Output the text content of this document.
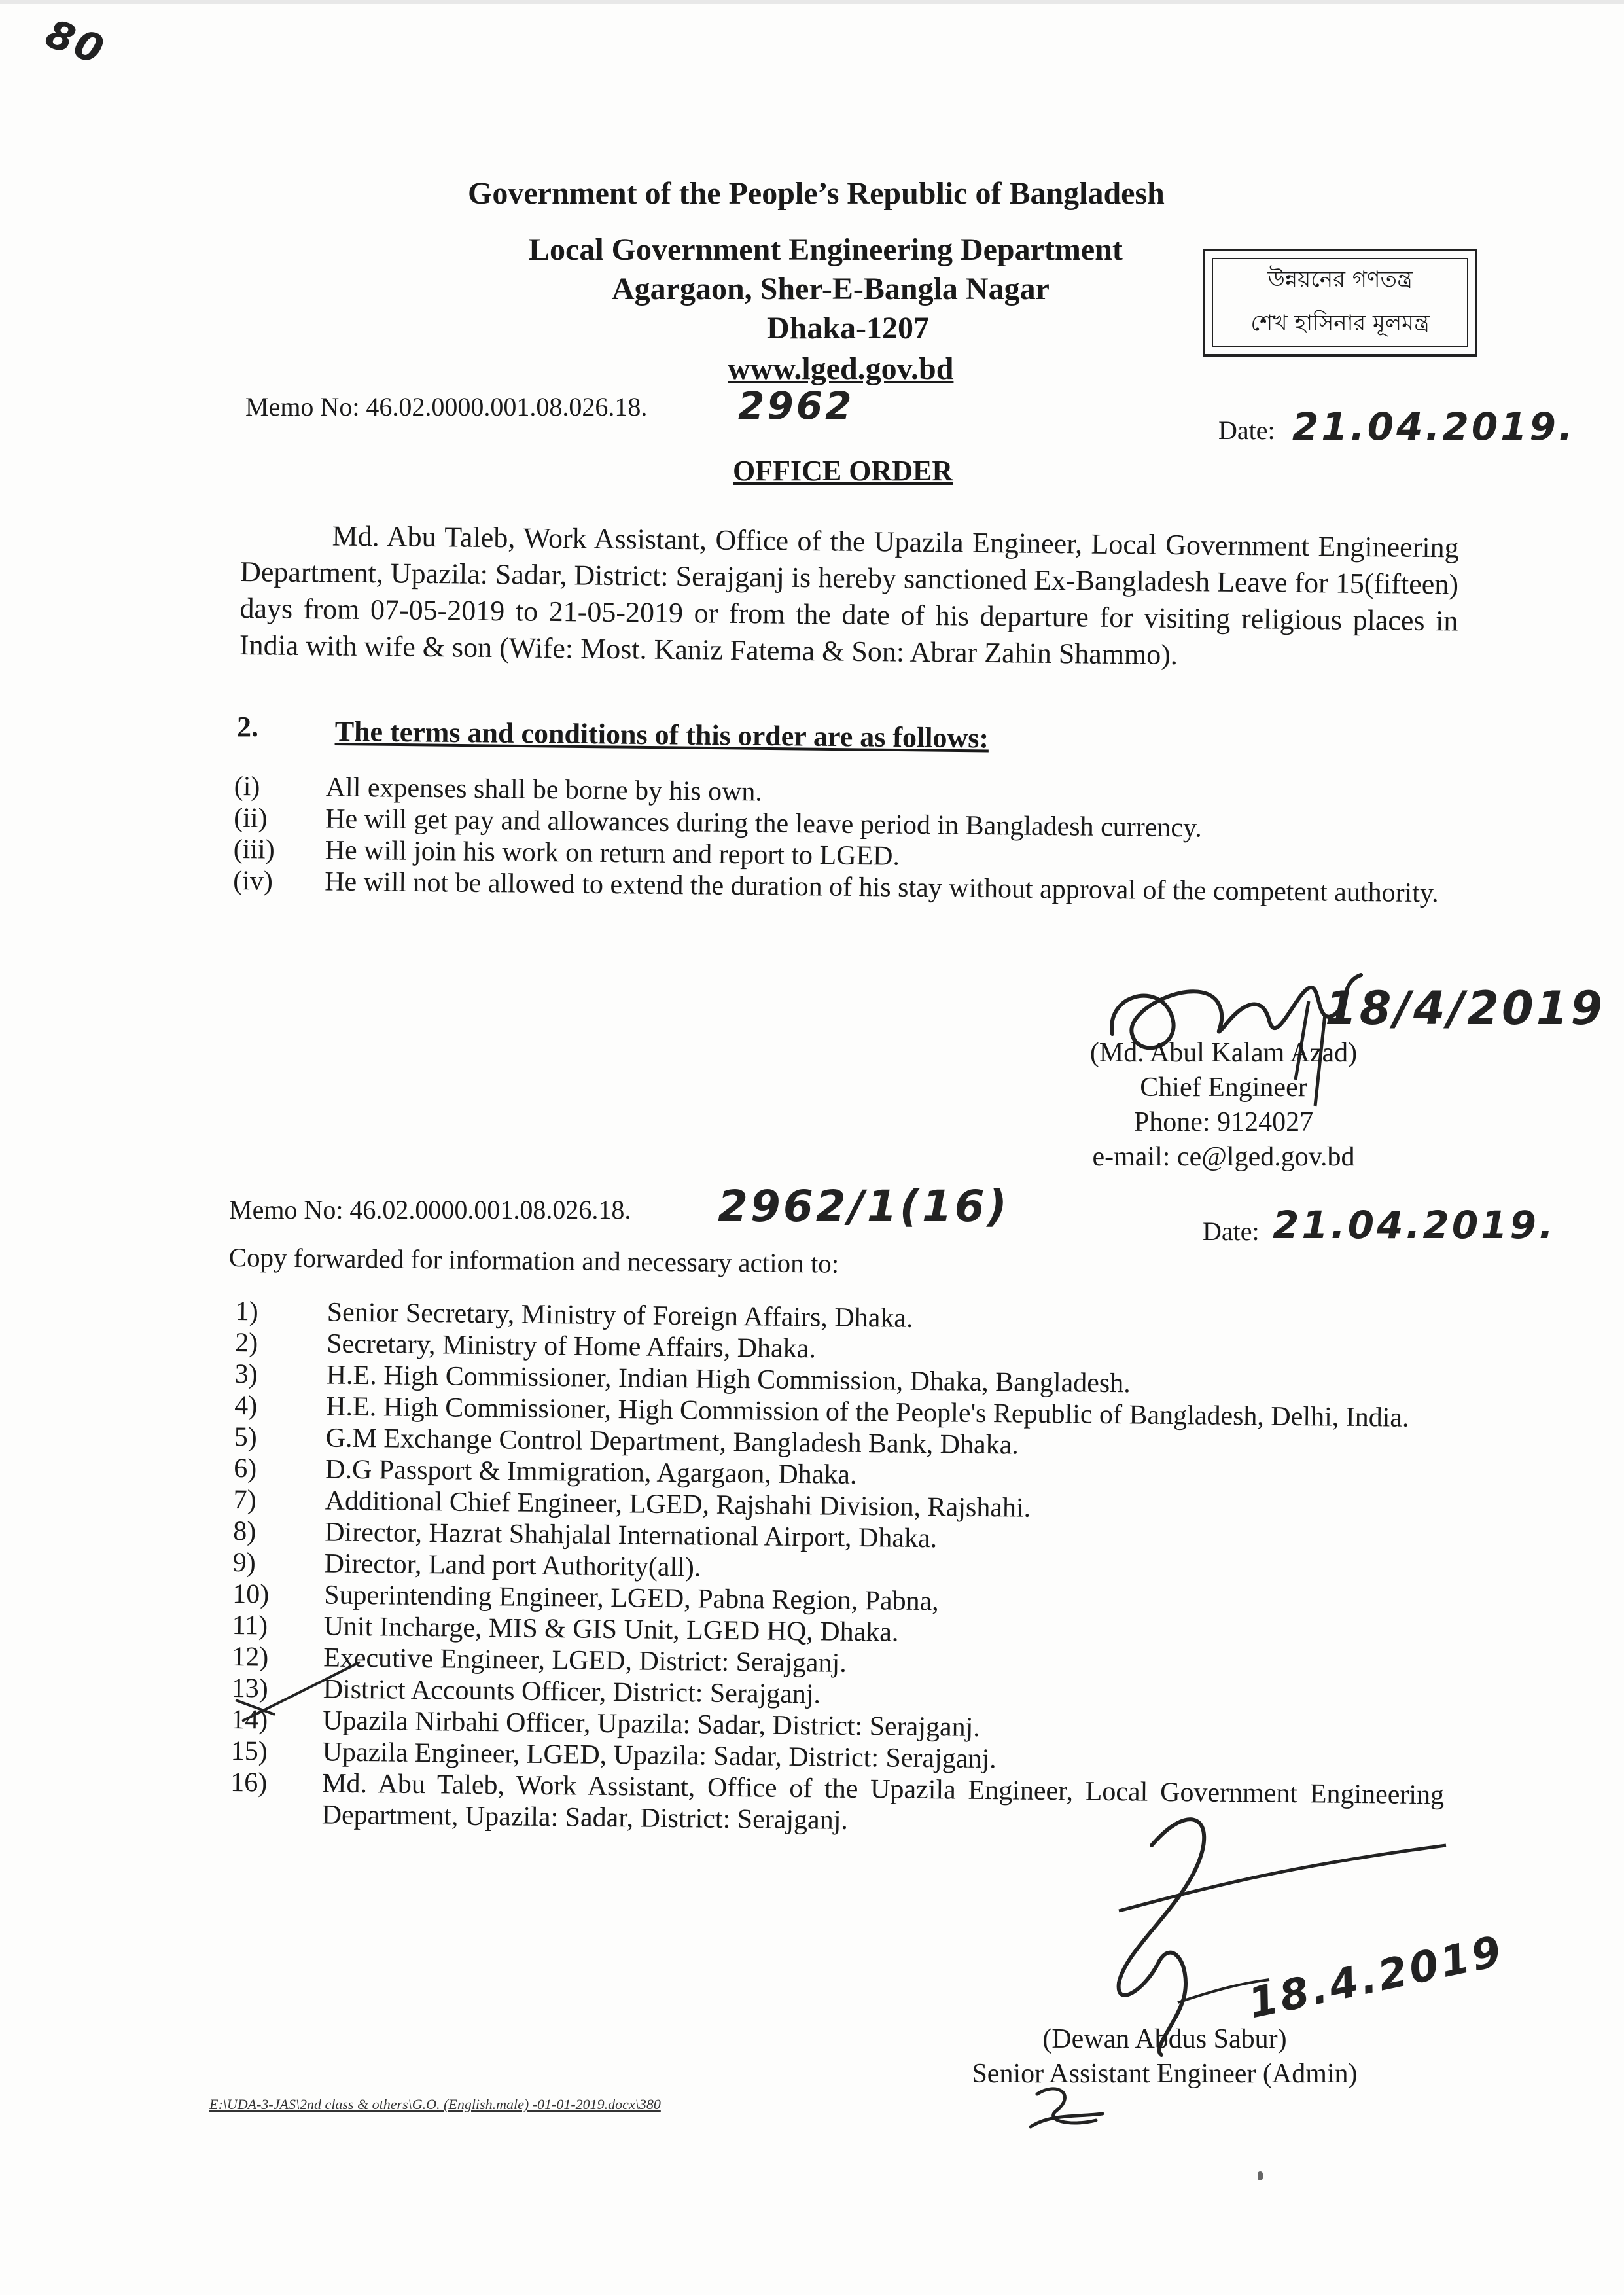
80
Government of the People’s Republic of Bangladesh
Local Government Engineering Department
Agargaon, Sher-E-Bangla Nagar
Dhaka-1207
www.lged.gov.bd
উন্নয়নের গণতন্ত্র
শেখ হাসিনার মূলমন্ত্র
Memo No: 46.02.0000.001.08.026.18. 2962
Date: 21.04.2019.
OFFICE ORDER

Md. Abu Taleb, Work Assistant, Office of the Upazila Engineer, Local Government Engineering Department, Upazila: Sadar, District: Serajganj is hereby sanctioned Ex-Bangladesh Leave for 15(fifteen) days from 07-05-2019 to 21-05-2019 or from the date of his departure for visiting religious places in India with wife & son (Wife: Most. Kaniz Fatema & Son: Abrar Zahin Shammo).

2.	The terms and conditions of this order are as follows:
(i)	All expenses shall be borne by his own.
(ii)	He will get pay and allowances during the leave period in Bangladesh currency.
(iii)	He will join his work on return and report to LGED.
(iv)	He will not be allowed to extend the duration of his stay without approval of the competent authority.
18/4/2019
(Md. Abul Kalam Azad)
Chief Engineer
Phone: 9124027
e-mail: ce@lged.gov.bd
Memo No: 46.02.0000.001.08.026.18. 2962/1(16)	Date: 21.04.2019.
Copy forwarded for information and necessary action to:
1)	Senior Secretary, Ministry of Foreign Affairs, Dhaka.
2)	Secretary, Ministry of Home Affairs, Dhaka.
3)	H.E. High Commissioner, Indian High Commission, Dhaka, Bangladesh.
4)	H.E. High Commissioner, High Commission of the People's Republic of Bangladesh, Delhi, India.
5)	G.M Exchange Control Department, Bangladesh Bank, Dhaka.
6)	D.G Passport & Immigration, Agargaon, Dhaka.
7)	Additional Chief Engineer, LGED, Rajshahi Division, Rajshahi.
8)	Director, Hazrat Shahjalal International Airport, Dhaka.
9)	Director, Land port Authority(all).
10)	Superintending Engineer, LGED, Pabna Region, Pabna,
11)	Unit Incharge, MIS & GIS Unit, LGED HQ, Dhaka.
12)	Executive Engineer, LGED, District: Serajganj.
13)	District Accounts Officer, District: Serajganj.
14)	Upazila Nirbahi Officer, Upazila: Sadar, District: Serajganj.
15)	Upazila Engineer, LGED, Upazila: Sadar, District: Serajganj.
16)	Md. Abu Taleb, Work Assistant, Office of the Upazila Engineer, Local Government Engineering Department, Upazila: Sadar, District: Serajganj.
18.4.2019
(Dewan Abdus Sabur)
Senior Assistant Engineer (Admin)
E:\UDA-3-JAS\2nd class & others\G.O. (English.male) -01-01-2019.docx\380
